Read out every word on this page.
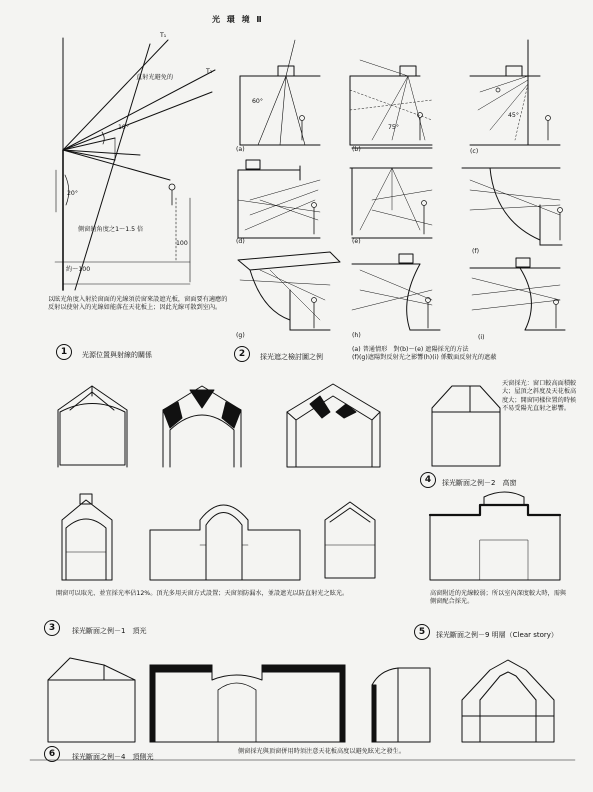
光 環 境 Ⅱ
T₁
T₂
直射光避免的
10°
20°
側窗的角度之1～1.5 倍
約～100
100
以眩光角度入射於窗面的光線須於窗來設遮光板，窗面要有適應的反射以使射入的光線如能落在天花板上；因此光線可散到室內。
1	光源位置與射線的關係
(a)	(b)	(c)
(d)	(e)
(f)
(g)	(h)	(i)
60°
75°
45°
2	採光遮之檢討圖之例
(a) 普通情形　對(b)～(e) 遮陽採光的方法
(f)(g)遮陽對反射光之影響(h)(i) 係數面反射光的遮蔽
天窗採光：窗口較高面積較大；屋頂之斜度及天花板高度大；開窗同樣位置的時候不易受陽光直射之影響。
4	採光斷面之例－2　高窗
開窗可以取光、並宜採光率佔12%。頂光多用天窗方式設置；天窗須防漏水，並設遮光以防直射光之眩光。
3	採光斷面之例－1　頂光
高窗附近的光線較弱；所以室內深度較大時，需與側窗配合採光。
5	採光斷面之例－9 明層（Clear story）
6	採光斷面之例－4　頂側光
側窗採光與頂窗併用時須注意天花板高度以避免眩光之發生。
